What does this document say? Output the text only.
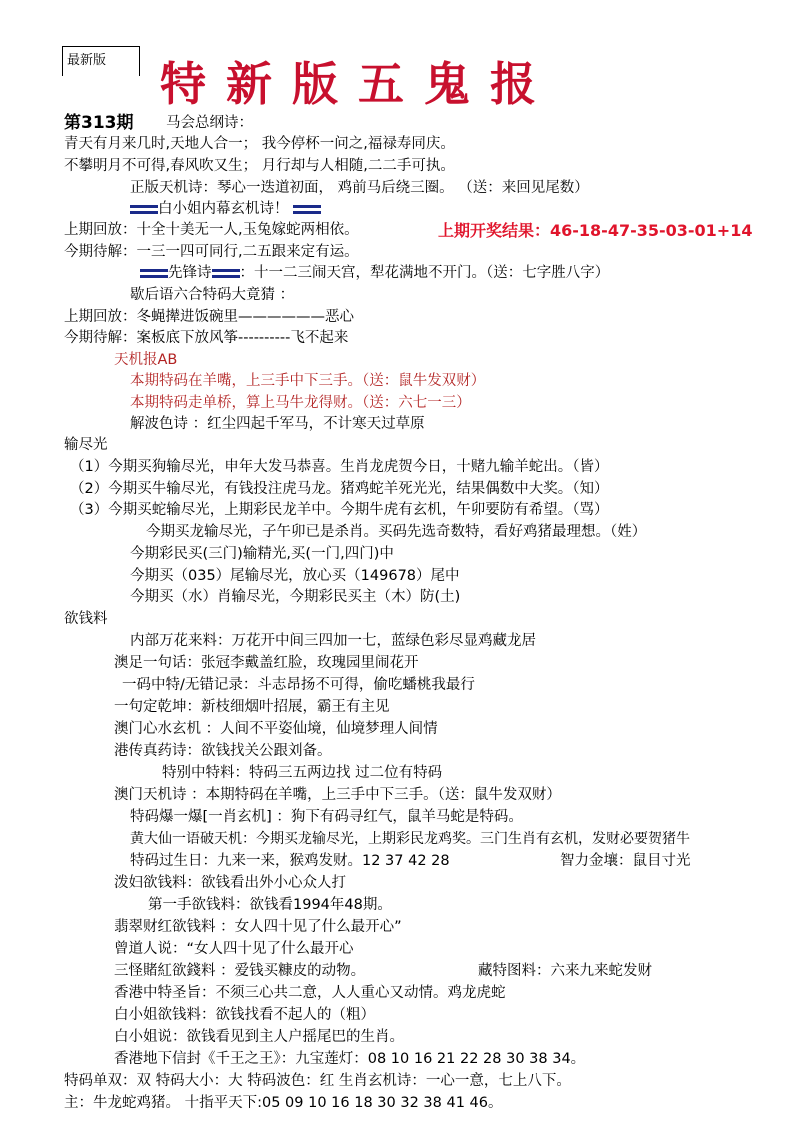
最新版	特新版五鬼报
第313期 马会总纲诗：
青天有月来几时,天地人合一； 我今停杯一问之,福禄寿同庆。
不攀明月不可得,春风吹又生； 月行却与人相随,二二手可执。
正版天机诗：琴心一迭道初面， 鸡前马后绕三圈。 （送：来回见尾数）
白小姐内幕玄机诗！
上期回放：十全十美无一人,玉兔嫁蛇两相依。	上期开奖结果：46-18-47-35-03-01+14
今期待解：一三一四可同行,二五跟来定有运。
先锋诗 ：十一二三闹天宫，犁花满地不开门。（送：七字胜八字）
歇后语六合特码大竟猜 ：
上期回放：冬蝇撵进饭碗里——————恶心
今期待解：案板底下放风筝----------飞不起来
天机报AB
本期特码在羊嘴，上三手中下三手。（送：鼠牛发双财）
本期特码走单桥，算上马牛龙得财。（送：六七一三）
解波色诗 ：红尘四起千军马，不计寒天过草原
输尽光
（1）今期买狗输尽光，申年大发马恭喜。生肖龙虎贺今日，十赌九输羊蛇出。（皆）
（2）今期买牛输尽光，有钱投注虎马龙。猪鸡蛇羊死光光，结果偶数中大奖。（知）
（3）今期买蛇输尽光，上期彩民龙羊中。今期牛虎有玄机，午卯要防有希望。（骂）
今期买龙输尽光，子午卯已是杀肖。买码先选奇数特，看好鸡猪最理想。（姓）
今期彩民买(三门)输精光,买(一门,四门)中
今期买（035）尾输尽光，放心买（149678）尾中
今期买（水）肖输尽光，今期彩民买主（木）防(土)
欲钱料
内部万花来料：万花开中间三四加一七，蓝绿色彩尽显鸡藏龙居
澳足一句话：张冠李戴盖红脸，玫瑰园里闹花开
一码中特/无错记录：斗志昂扬不可得，偷吃蟠桃我最行
一句定乾坤：新枝细烟叶招展，霸王有主见
澳门心水玄机 ：人间不平姿仙境，仙境梦理人间情
港传真药诗：欲钱找关公跟刘备。
特别中特料：特码三五两边找 过二位有特码
澳门天机诗 ：本期特码在羊嘴，上三手中下三手。（送：鼠牛发双财）
特码爆一爆[一肖玄机] ：狗下有码寻红气，鼠羊马蛇是特码。
黄大仙一语破天机：今期买龙输尽光，上期彩民龙鸡奖。三门生肖有玄机，发财必要贺猪牛
特码过生日：九来一来，猴鸡发财。12 37 42 28	智力金壤：鼠目寸光
泼妇欲钱料：欲钱看出外小心众人打
第一手欲钱料：欲钱看1994年48期。
翡翠财红欲钱料 ：女人四十见了什么最开心”
曾道人说：“女人四十见了什么最开心
三怪賭紅欲錢料 ：爱钱买糠皮的动物。	藏特图料：六来九来蛇发财
香港中特圣旨：不须三心共二意，人人重心又动情。鸡龙虎蛇
白小姐欲钱料：欲钱找看不起人的（粗）
白小姐说：欲钱看见到主人户摇尾巴的生肖。
香港地下信封《千王之王》：九宝莲灯：08 10 16 21 22 28 30 38 34。
特码单双：双 特码大小：大 特码波色：红 生肖玄机诗：一心一意，七上八下。
主：牛龙蛇鸡猪。 十指平天下:05 09 10 16 18 30 32 38 41 46。
